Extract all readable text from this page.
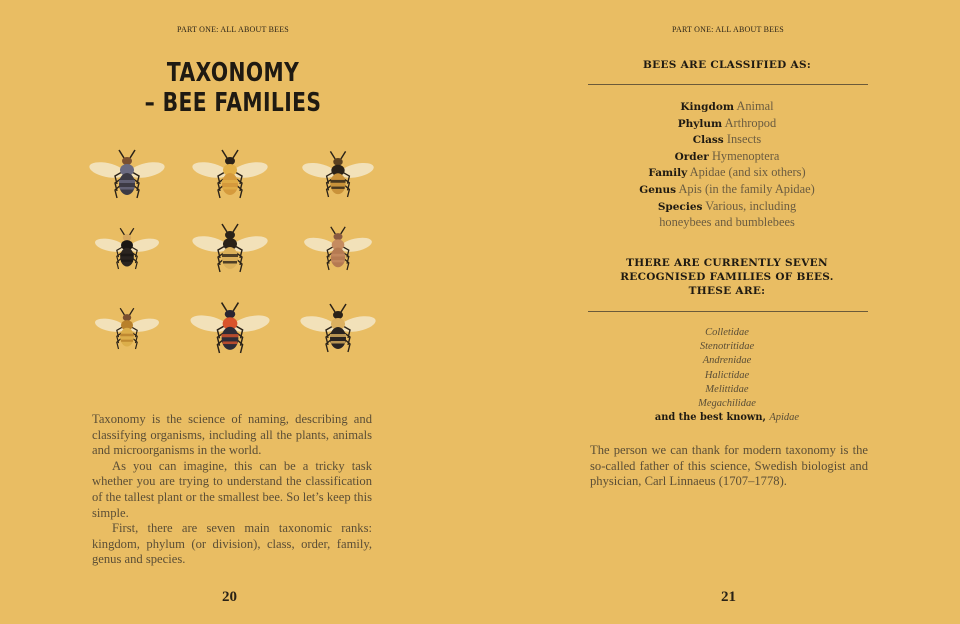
PART ONE: ALL ABOUT BEES
TAXONOMY
– BEE FAMILIES

Taxonomy is the science of naming, describing and classifying organisms, including all the plants, animals and microorganisms in the world.

As you can imagine, this can be a tricky task whether you are trying to understand the classification of the tallest plant or the smallest bee. So let’s keep this simple.

First, there are seven main taxonomic ranks: kingdom, phylum (or division), class, order, family, genus and species.

20
PART ONE: ALL ABOUT BEES
BEES ARE CLASSIFIED AS:
Kingdom Animal
Phylum Arthropod
Class Insects
Order Hymenoptera
Family Apidae (and six others)
Genus Apis (in the family Apidae)
Species Various, including
honeybees and bumblebees
THERE ARE CURRENTLY SEVEN
RECOGNISED FAMILIES OF BEES.
THESE ARE:
Colletidae
Stenotritidae
Andrenidae
Halictidae
Melittidae
Megachilidae
and the best known, Apidae
The person we can thank for modern taxonomy is the so-called father of this science, Swedish biologist and physician, Carl Linnaeus (1707–1778).
21
